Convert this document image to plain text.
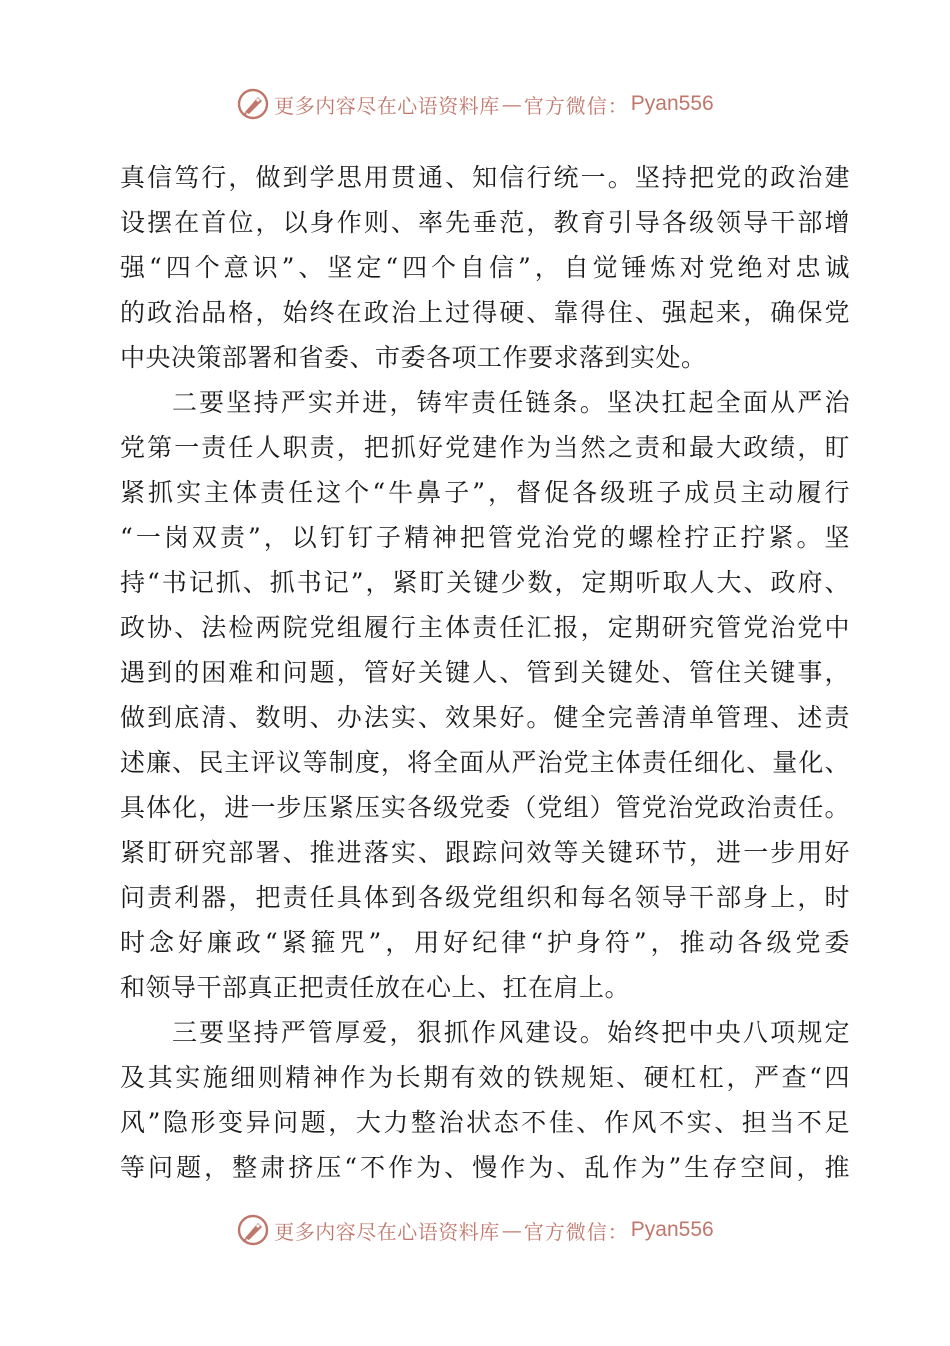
更多内容尽在心语资料库 — 官方微信： Pyan556
真信笃行，做到学思用贯通、知信行统一。坚持把党的政治建
设摆在首位，以身作则、率先垂范，教育引导各级领导干部增
强“四个意识”、坚定“四个自信”，自觉锤炼对党绝对忠诚
的政治品格，始终在政治上过得硬、靠得住、强起来，确保党
中央决策部署和省委、市委各项工作要求落到实处。
二要坚持严实并进，铸牢责任链条。坚决扛起全面从严治
党第一责任人职责，把抓好党建作为当然之责和最大政绩，盯
紧抓实主体责任这个“牛鼻子”，督促各级班子成员主动履行
“一岗双责”，以钉钉子精神把管党治党的螺栓拧正拧紧。坚
持“书记抓、抓书记”，紧盯关键少数，定期听取人大、政府、
政协、法检两院党组履行主体责任汇报，定期研究管党治党中
遇到的困难和问题，管好关键人、管到关键处、管住关键事，
做到底清、数明、办法实、效果好。健全完善清单管理、述责
述廉、民主评议等制度，将全面从严治党主体责任细化、量化、
具体化，进一步压紧压实各级党委（党组）管党治党政治责任。
紧盯研究部署、推进落实、跟踪问效等关键环节，进一步用好
问责利器，把责任具体到各级党组织和每名领导干部身上，时
时念好廉政“紧箍咒”，用好纪律“护身符”，推动各级党委
和领导干部真正把责任放在心上、扛在肩上。
三要坚持严管厚爱，狠抓作风建设。始终把中央八项规定
及其实施细则精神作为长期有效的铁规矩、硬杠杠，严查“四
风”隐形变异问题，大力整治状态不佳、作风不实、担当不足
等问题，整肃挤压“不作为、慢作为、乱作为”生存空间，推
更多内容尽在心语资料库 — 官方微信： Pyan556
